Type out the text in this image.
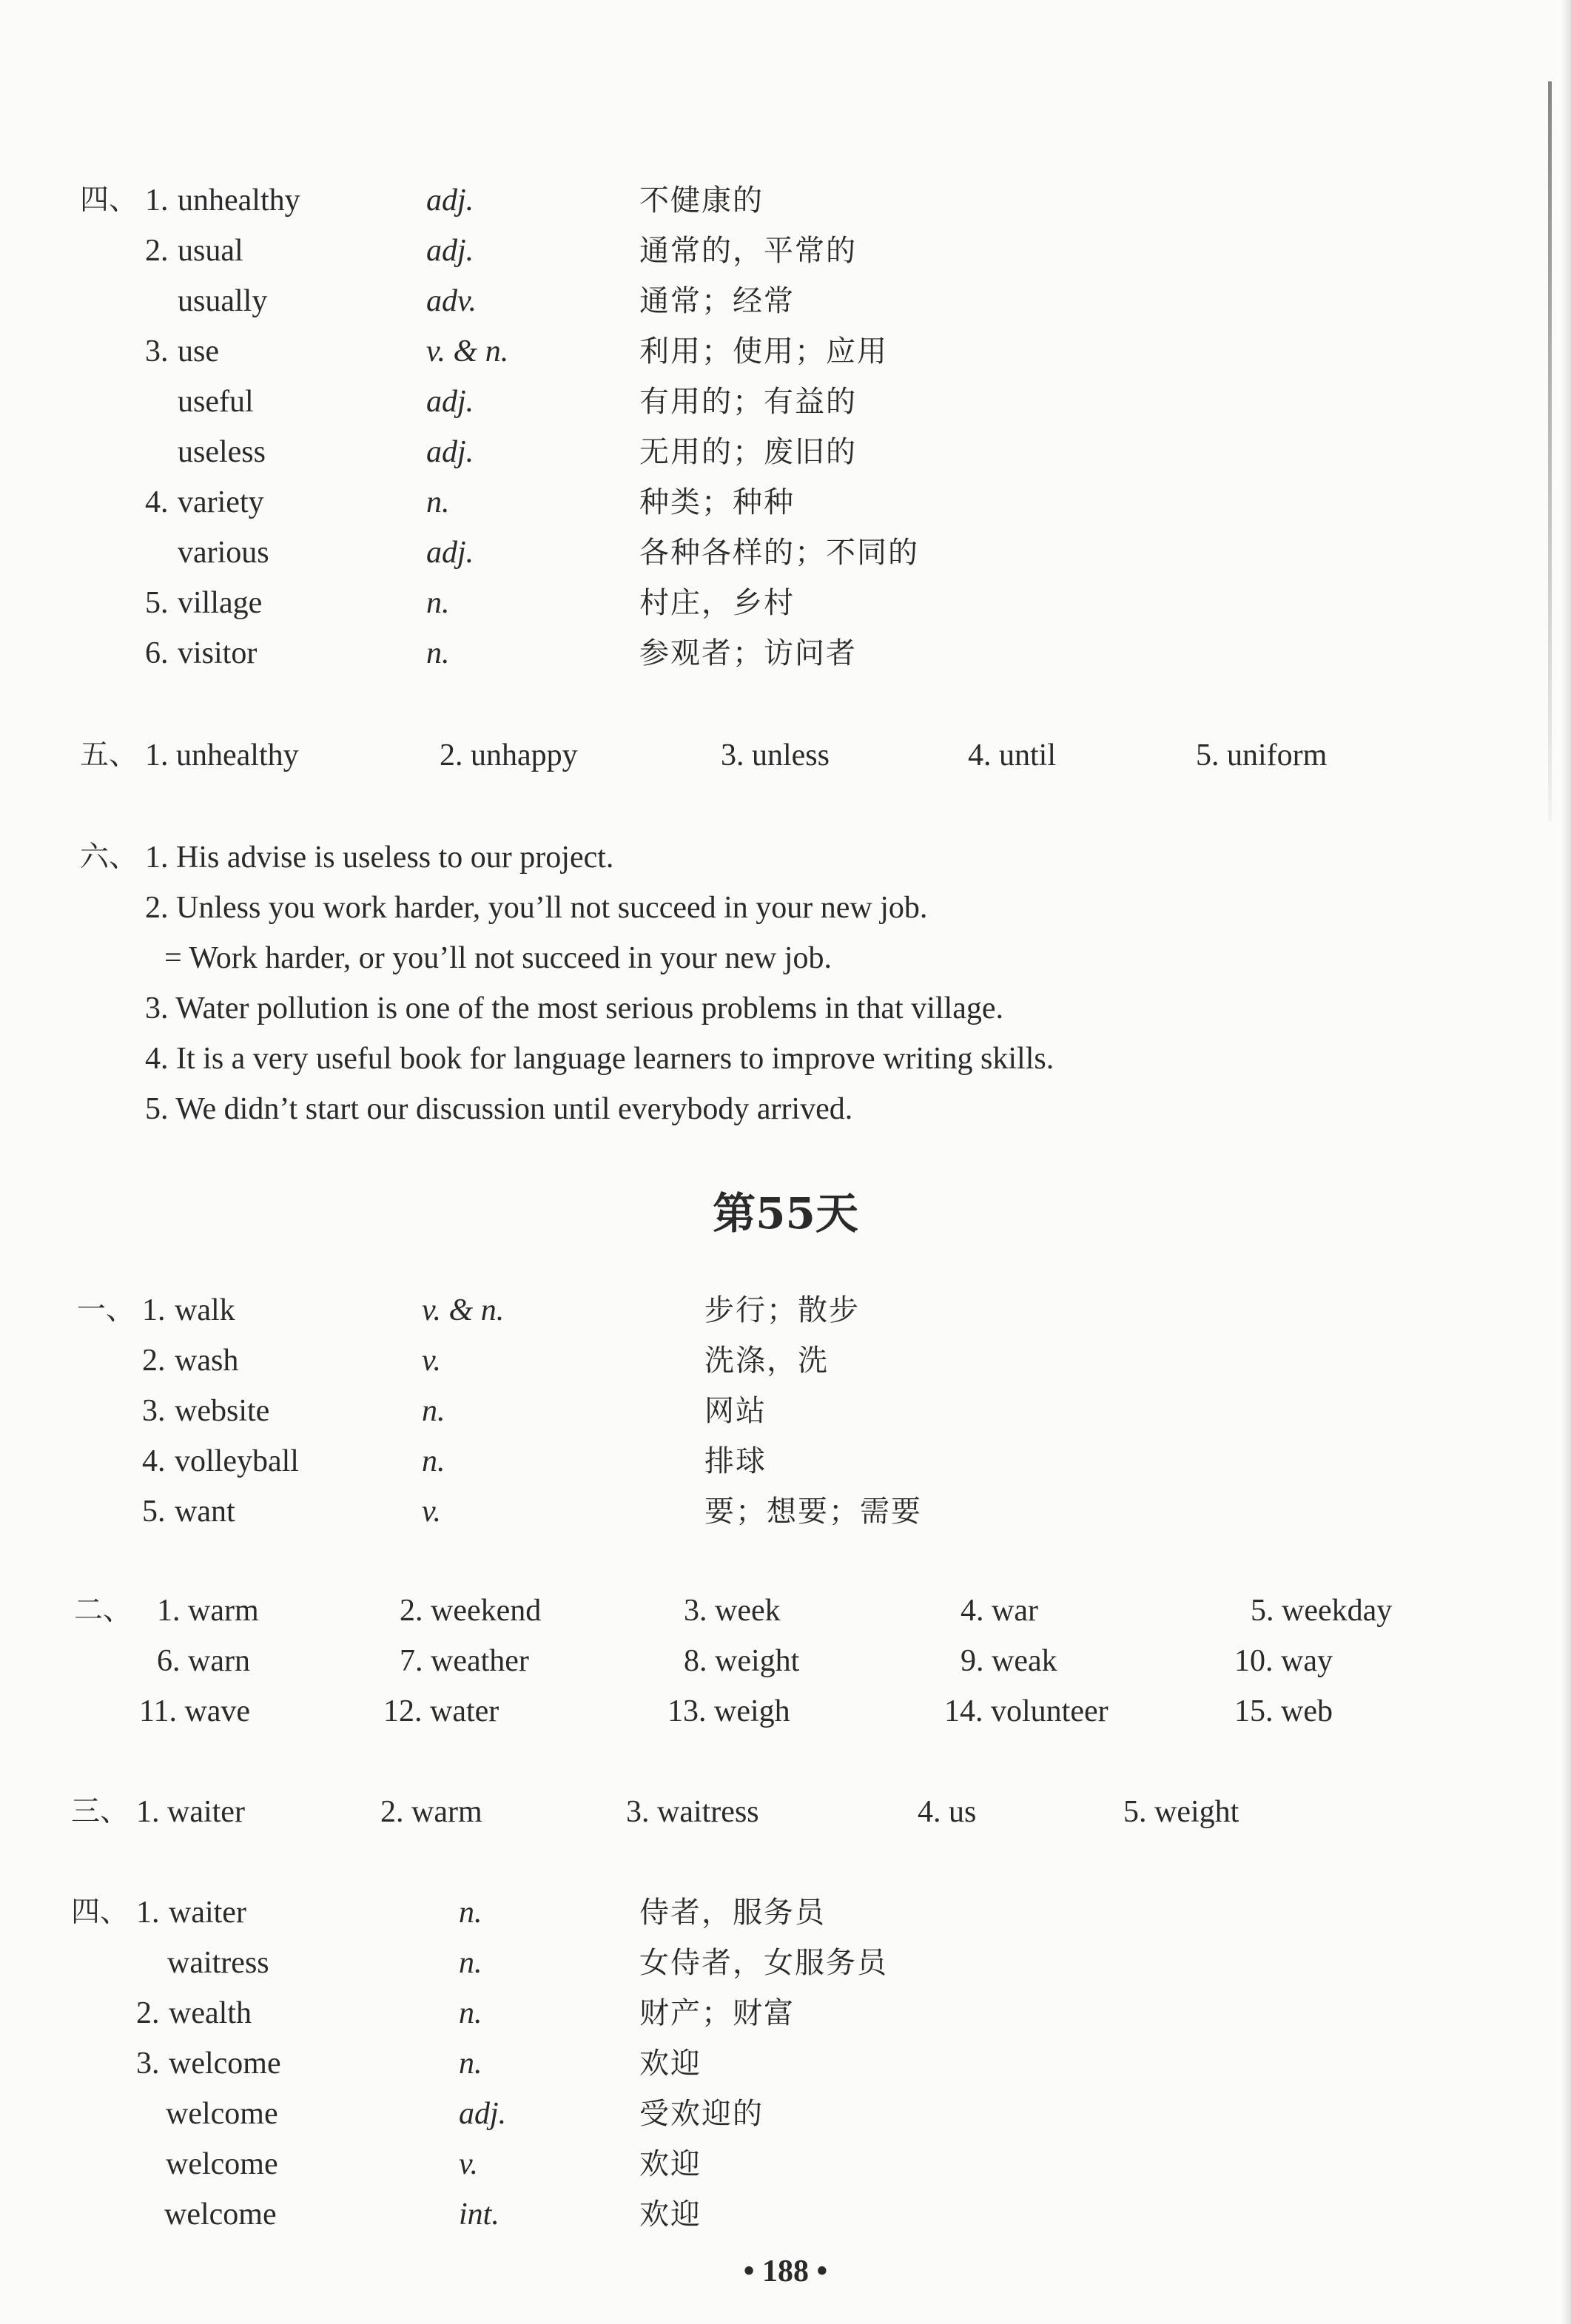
四、 1. unhealthy	adj.	不健康的
2. usual	adj.	通常的，平常的
usually	adv.	通常；经常
3. use	v. & n.	利用；使用；应用
useful	adj.	有用的；有益的
useless	adj.	无用的；废旧的
4. variety	n.	种类；种种
various	adj.	各种各样的；不同的
5. village	n.	村庄，乡村
6. visitor	n.	参观者；访问者
五、 1. unhealthy	2. unhappy	3. unless	4. until	5. uniform
六、 1. His advise is useless to our project.
2. Unless you work harder, you’ll not succeed in your new job.
= Work harder, or you’ll not succeed in your new job.
3. Water pollution is one of the most serious problems in that village.
4. It is a very useful book for language learners to improve writing skills.
5. We didn’t start our discussion until everybody arrived.
第55天
一、 1. walk	v. & n.	步行；散步
2. wash	v.	洗涤，洗
3. website	n.	网站
4. volleyball	n.	排球
5. want	v.	要；想要；需要
二、 1. warm	2. weekend	3. week	4. war	5. weekday
6. warn	7. weather	8. weight	9. weak	10. way
11. wave	12. water	13. weigh	14. volunteer	15. web
三、 1. waiter	2. warm	3. waitress	4. us	5. weight
四、 1. waiter	n.	侍者，服务员
waitress	n.	女侍者，女服务员
2. wealth	n.	财产；财富
3. welcome	n.	欢迎
welcome	adj.	受欢迎的
welcome	v.	欢迎
welcome	int.	欢迎
• 188 •
